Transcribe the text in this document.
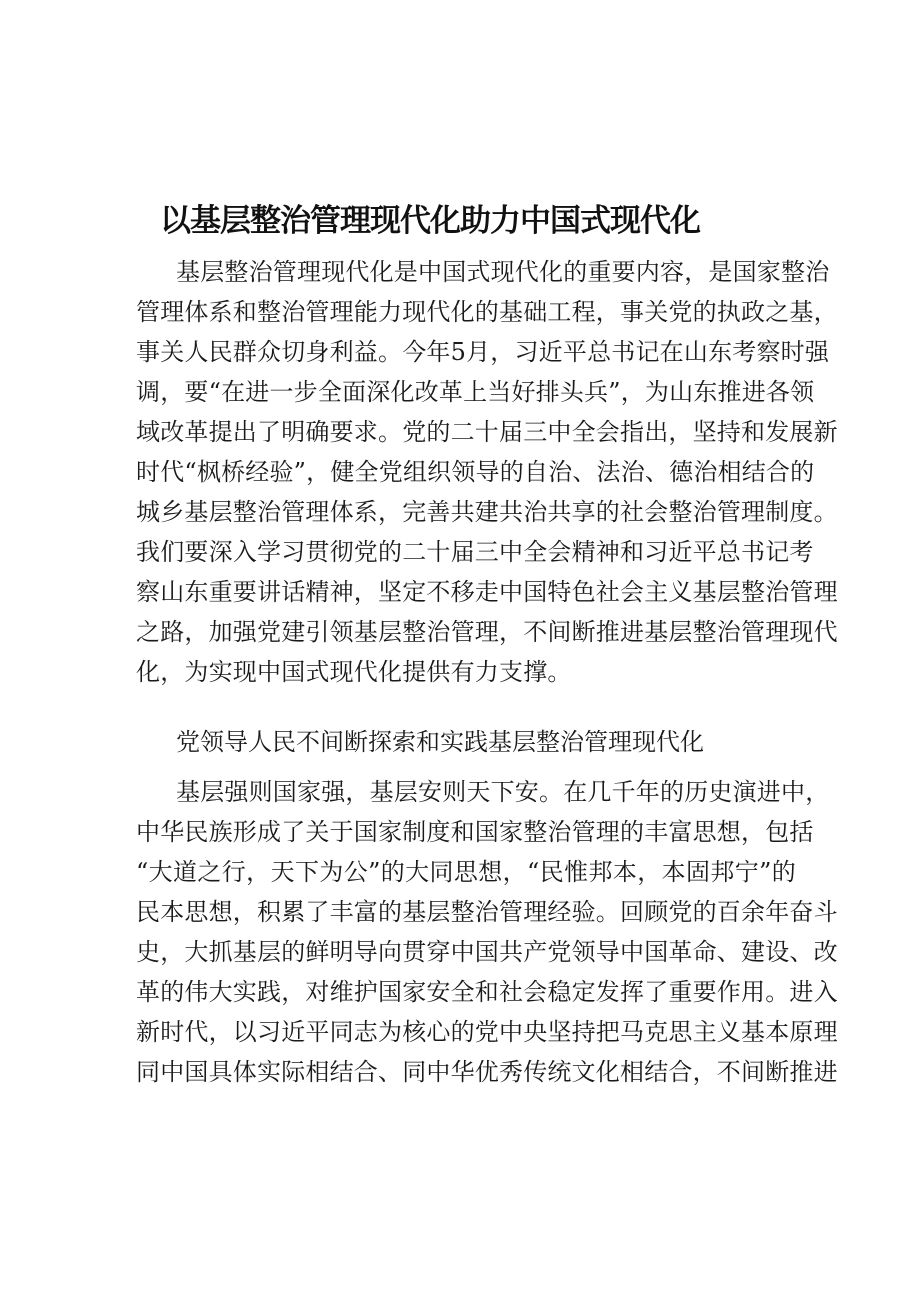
以基层整治管理现代化助力中国式现代化
基层整治管理现代化是中国式现代化的重要内容，是国家整治
管理体系和整治管理能力现代化的基础工程，事关党的执政之基，
事关人民群众切身利益。今年5月，习近平总书记在山东考察时强
调，要“在进一步全面深化改革上当好排头兵”，为山东推进各领
域改革提出了明确要求。党的二十届三中全会指出，坚持和发展新
时代“枫桥经验”，健全党组织领导的自治、法治、德治相结合的
城乡基层整治管理体系，完善共建共治共享的社会整治管理制度。
我们要深入学习贯彻党的二十届三中全会精神和习近平总书记考
察山东重要讲话精神，坚定不移走中国特色社会主义基层整治管理
之路，加强党建引领基层整治管理，不间断推进基层整治管理现代
化，为实现中国式现代化提供有力支撑。
党领导人民不间断探索和实践基层整治管理现代化
基层强则国家强，基层安则天下安。在几千年的历史演进中，
中华民族形成了关于国家制度和国家整治管理的丰富思想，包括
“大道之行，天下为公”的大同思想，“民惟邦本，本固邦宁”的
民本思想，积累了丰富的基层整治管理经验。回顾党的百余年奋斗
史，大抓基层的鲜明导向贯穿中国共产党领导中国革命、建设、改
革的伟大实践，对维护国家安全和社会稳定发挥了重要作用。进入
新时代，以习近平同志为核心的党中央坚持把马克思主义基本原理
同中国具体实际相结合、同中华优秀传统文化相结合，不间断推进
